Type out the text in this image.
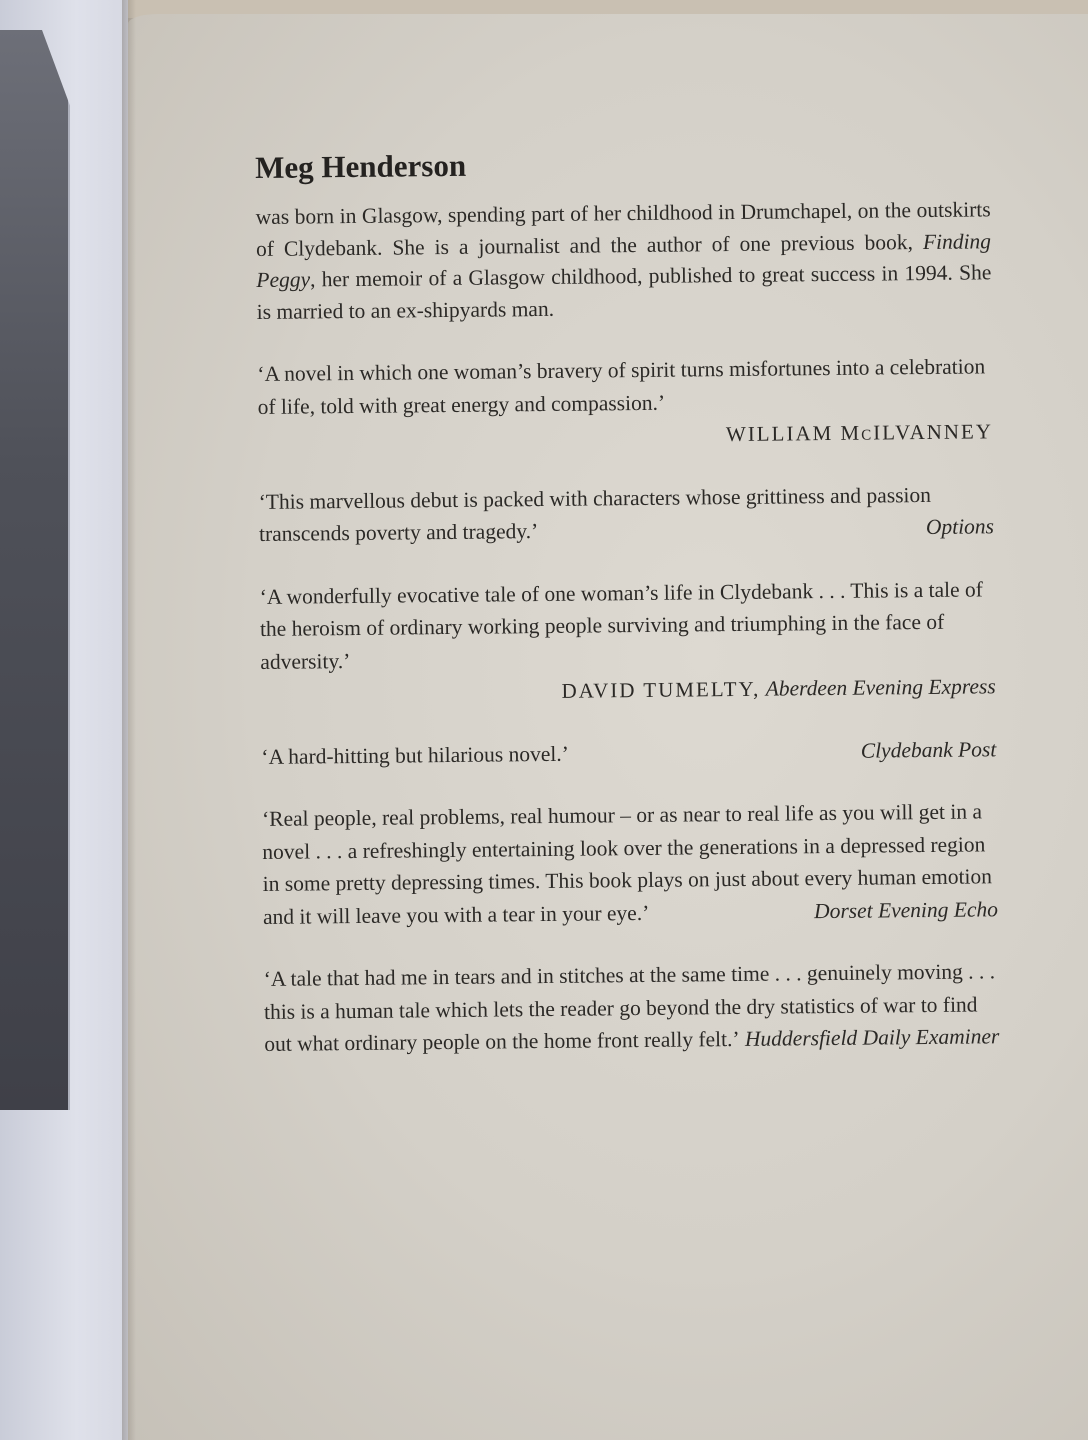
Meg Henderson

was born in Glasgow, spending part of her childhood in Drumchapel, on the outskirts of Clydebank. She is a journalist and the author of one previous book, Finding Peggy, her memoir of a Glasgow childhood, published to great success in 1994. She is married to an ex-shipyards man.

‘A novel in which one woman’s bravery of spirit turns misfortunes into a celebration of life, told with great energy and compassion.’
WILLIAM McILVANNEY
‘This marvellous debut is packed with characters whose grittiness and passion transcends poverty and tragedy.’	Options
‘A wonderfully evocative tale of one woman’s life in Clydebank . . . This is a tale of the heroism of ordinary working people surviving and triumphing in the face of adversity.’
DAVID TUMELTY, Aberdeen Evening Express
‘A hard-hitting but hilarious novel.’	Clydebank Post
‘Real people, real problems, real humour – or as near to real life as you will get in a novel . . . a refreshingly entertaining look over the generations in a depressed region in some pretty depressing times. This book plays on just about every human emotion and it will leave you with a tear in your eye.’	Dorset Evening Echo
‘A tale that had me in tears and in stitches at the same time . . . genuinely moving . . . this is a human tale which lets the reader go beyond the dry statistics of war to find out what ordinary people on the home front really felt.’ Huddersfield Daily Examiner
